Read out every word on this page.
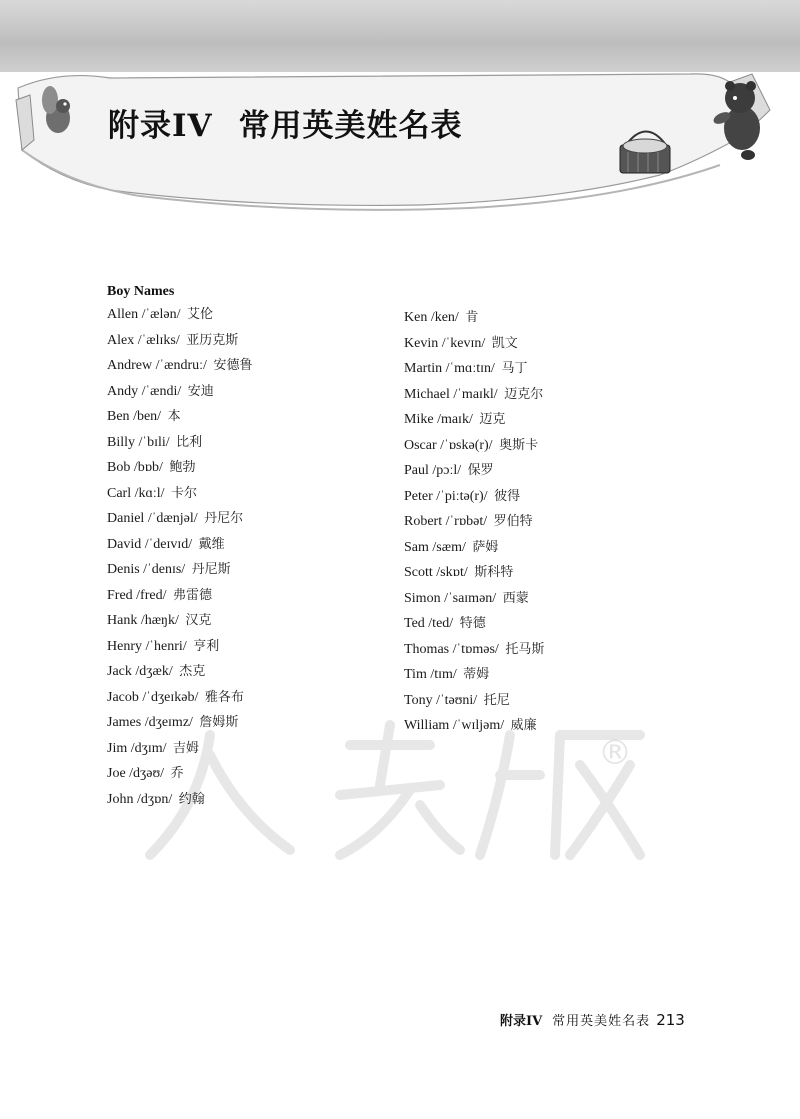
附录IV 常用英美姓名表
Boy Names
Allen /ˈælən/ 艾伦
Alex /ˈælɪks/ 亚历克斯
Andrew /ˈændruː/ 安德鲁
Andy /ˈændi/ 安迪
Ben /ben/ 本
Billy /ˈbɪli/ 比利
Bob /bɒb/ 鲍勃
Carl /kɑːl/ 卡尔
Daniel /ˈdænjəl/ 丹尼尔
David /ˈdeɪvɪd/ 戴维
Denis /ˈdenɪs/ 丹尼斯
Fred /fred/ 弗雷德
Hank /hæŋk/ 汉克
Henry /ˈhenri/ 亨利
Jack /dʒæk/ 杰克
Jacob /ˈdʒeɪkəb/ 雅各布
James /dʒeɪmz/ 詹姆斯
Jim /dʒɪm/ 吉姆
Joe /dʒəʊ/ 乔
John /dʒɒn/ 约翰
Ken /ken/ 肯
Kevin /ˈkevɪn/ 凯文
Martin /ˈmɑːtɪn/ 马丁
Michael /ˈmaɪkl/ 迈克尔
Mike /maɪk/ 迈克
Oscar /ˈɒskə(r)/ 奥斯卡
Paul /pɔːl/ 保罗
Peter /ˈpiːtə(r)/ 彼得
Robert /ˈrɒbət/ 罗伯特
Sam /sæm/ 萨姆
Scott /skɒt/ 斯科特
Simon /ˈsaɪmən/ 西蒙
Ted /ted/ 特德
Thomas /ˈtɒməs/ 托马斯
Tim /tɪm/ 蒂姆
Tony /ˈtəʊni/ 托尼
William /ˈwɪljəm/ 威廉
®
附录IV 常用英美姓名表 213
